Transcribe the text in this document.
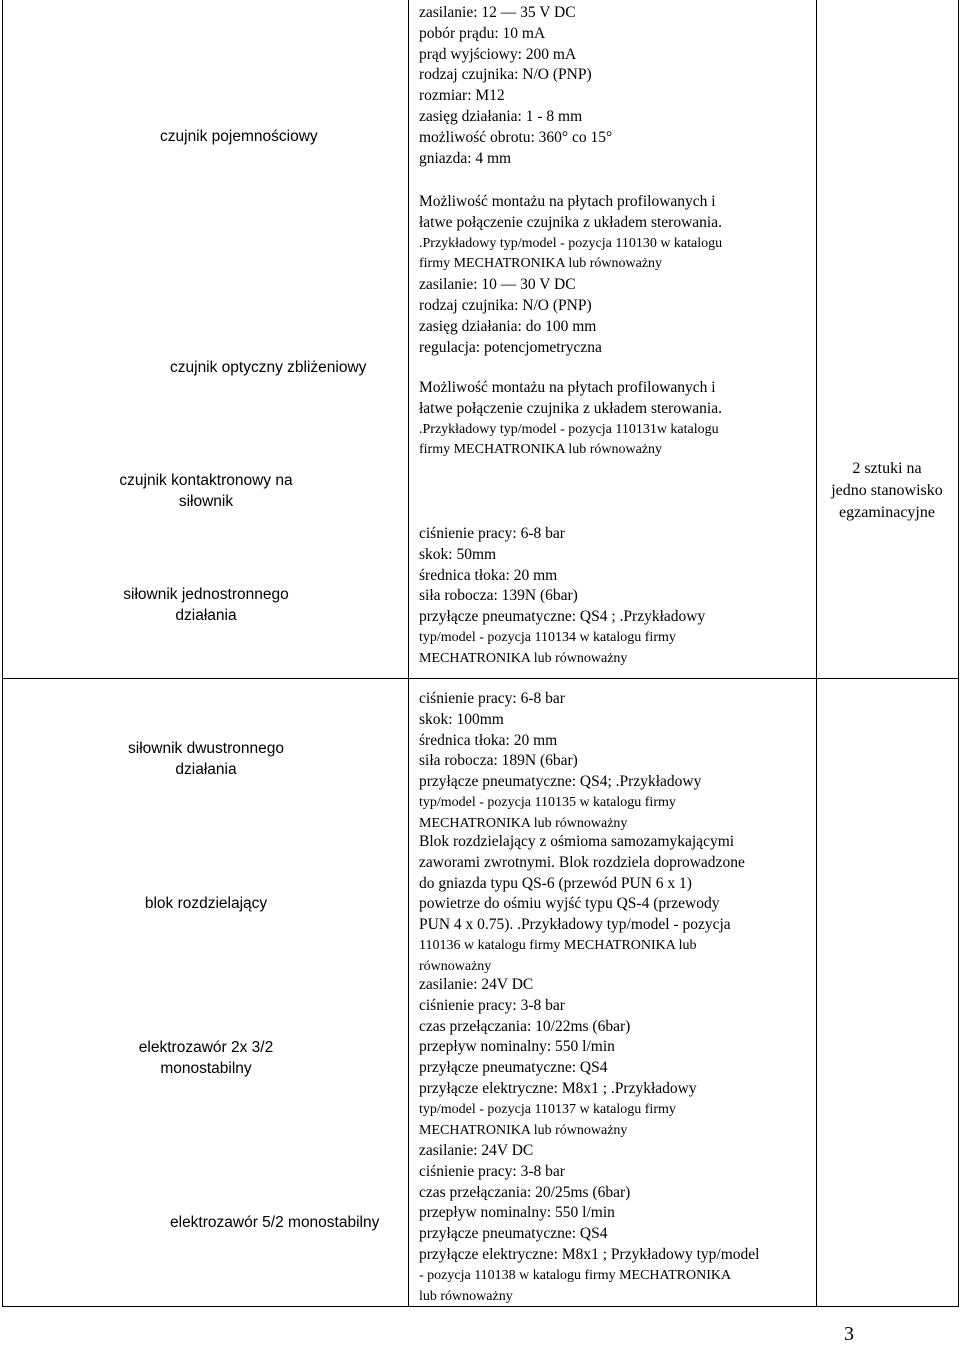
czujnik pojemnościowy
czujnik optyczny zbliżeniowy
czujnik kontaktronowy na
siłownik
siłownik jednostronnego
działania
siłownik dwustronnego
działania
blok rozdzielający
elektrozawór 2x 3/2
monostabilny
elektrozawór 5/2 monostabilny
zasilanie: 12 — 35 V DC
pobór prądu: 10 mA
prąd wyjściowy: 200 mA
rodzaj czujnika: N/O (PNP)
rozmiar: M12
zasięg działania: 1 - 8 mm
możliwość obrotu: 360° co 15°
gniazda: 4 mm
Możliwość montażu na płytach profilowanych i
łatwe połączenie czujnika z układem sterowania.
.Przykładowy typ/model - pozycja 110130 w katalogu
firmy MECHATRONIKA lub równoważny
zasilanie: 10 — 30 V DC
rodzaj czujnika: N/O (PNP)
zasięg działania: do 100 mm
regulacja: potencjometryczna
Możliwość montażu na płytach profilowanych i
łatwe połączenie czujnika z układem sterowania.
.Przykładowy typ/model - pozycja 110131w katalogu
firmy MECHATRONIKA lub równoważny
ciśnienie pracy: 6-8 bar
skok: 50mm
średnica tłoka: 20 mm
siła robocza: 139N (6bar)
przyłącze pneumatyczne: QS4 ; .Przykładowy
typ/model - pozycja 110134 w katalogu firmy
MECHATRONIKA lub równoważny
ciśnienie pracy: 6-8 bar
skok: 100mm
średnica tłoka: 20 mm
siła robocza: 189N (6bar)
przyłącze pneumatyczne: QS4; .Przykładowy
typ/model - pozycja 110135 w katalogu firmy
MECHATRONIKA lub równoważny
Blok rozdzielający z ośmioma samozamykającymi
zaworami zwrotnymi. Blok rozdziela doprowadzone
do gniazda typu QS-6 (przewód PUN 6 x 1)
powietrze do ośmiu wyjść typu QS-4 (przewody
PUN 4 x 0.75). .Przykładowy typ/model - pozycja
110136 w katalogu firmy MECHATRONIKA lub
równoważny
zasilanie: 24V DC
ciśnienie pracy: 3-8 bar
czas przełączania: 10/22ms (6bar)
przepływ nominalny: 550 l/min
przyłącze pneumatyczne: QS4
przyłącze elektryczne: M8x1 ; .Przykładowy
typ/model - pozycja 110137 w katalogu firmy
MECHATRONIKA lub równoważny
zasilanie: 24V DC
ciśnienie pracy: 3-8 bar
czas przełączania: 20/25ms (6bar)
przepływ nominalny: 550 l/min
przyłącze pneumatyczne: QS4
przyłącze elektryczne: M8x1 ; Przykładowy typ/model
- pozycja 110138 w katalogu firmy MECHATRONIKA
lub równoważny
2 sztuki na
jedno stanowisko
egzaminacyjne
3
